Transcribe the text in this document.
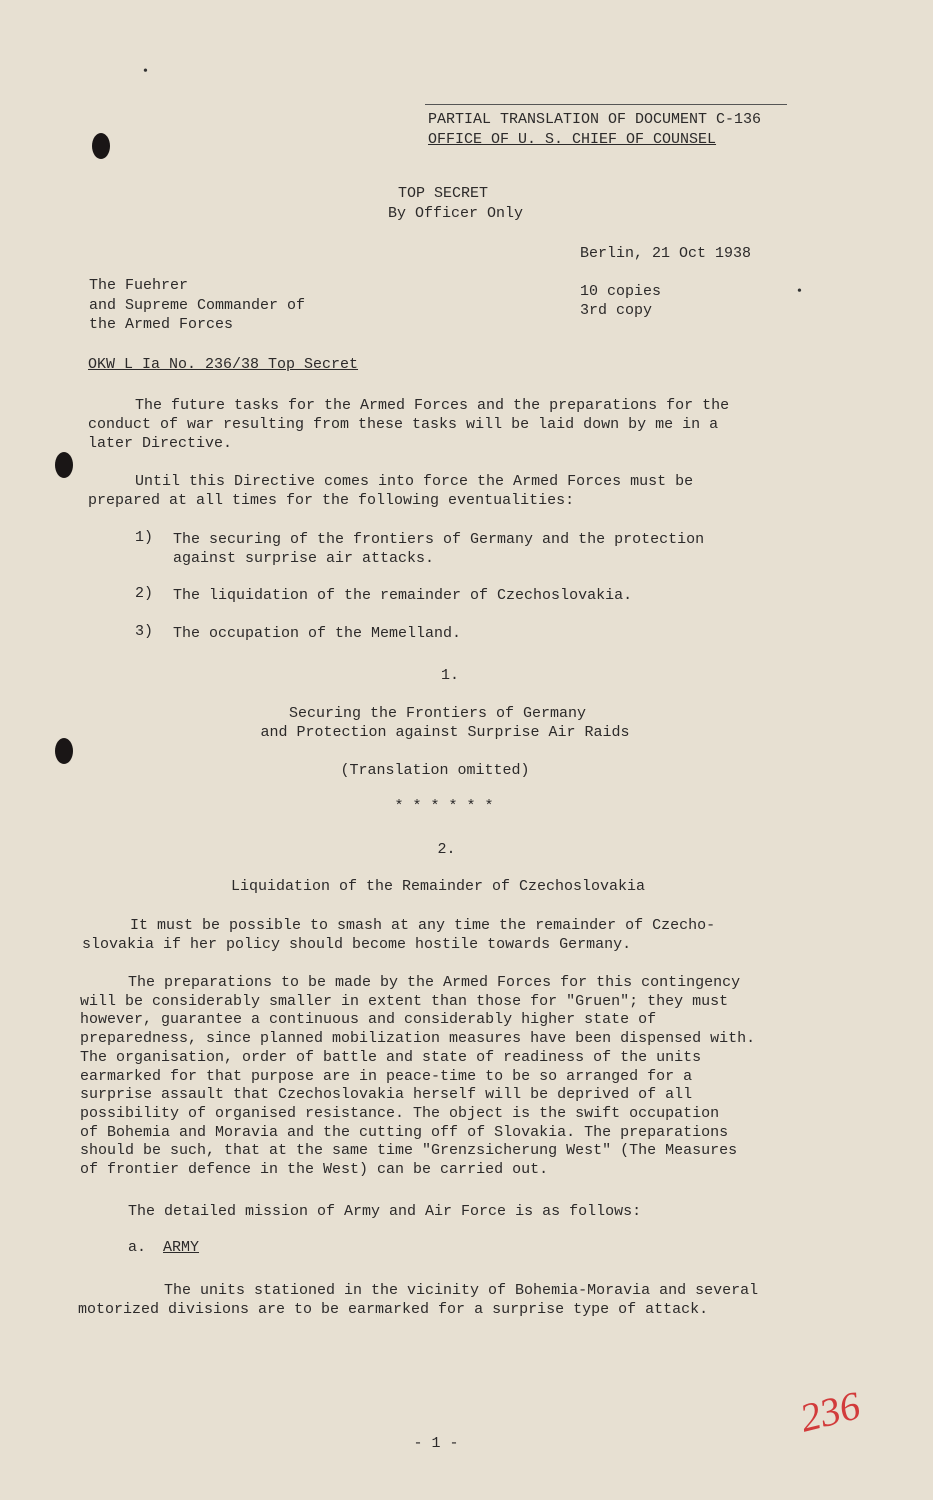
•
PARTIAL TRANSLATION OF DOCUMENT C-136
OFFICE OF U. S. CHIEF OF COUNSEL
TOP SECRET
By Officer Only
Berlin, 21 Oct 1938
The Fuehrer
and Supreme Commander of
the Armed Forces
10 copies
3rd copy
•
OKW L Ia No. 236/38 Top Secret
The future tasks for the Armed Forces and the preparations for the
conduct of war resulting from these tasks will be laid down by me in a
later Directive.
Until this Directive comes into force the Armed Forces must be
prepared at all times for the following eventualities:
1) The securing of the frontiers of Germany and the protection
against surprise air attacks.
2) The liquidation of the remainder of Czechoslovakia.
3) The occupation of the Memelland.
1.
Securing the Frontiers of Germany
and Protection against Surprise Air Raids
(Translation omitted)
* * * * * *
2.
Liquidation of the Remainder of Czechoslovakia
It must be possible to smash at any time the remainder of Czecho-
slovakia if her policy should become hostile towards Germany.
The preparations to be made by the Armed Forces for this contingency
will be considerably smaller in extent than those for "Gruen"; they must
however, guarantee a continuous and considerably higher state of
preparedness, since planned mobilization measures have been dispensed with.
The organisation, order of battle and state of readiness of the units
earmarked for that purpose are in peace-time to be so arranged for a
surprise assault that Czechoslovakia herself will be deprived of all
possibility of organised resistance. The object is the swift occupation
of Bohemia and Moravia and the cutting off of Slovakia. The preparations
should be such, that at the same time "Grenzsicherung West" (The Measures
of frontier defence in the West) can be carried out.
The detailed mission of Army and Air Force is as follows:
a. ARMY
The units stationed in the vicinity of Bohemia-Moravia and several
motorized divisions are to be earmarked for a surprise type of attack.
- 1 -
236
